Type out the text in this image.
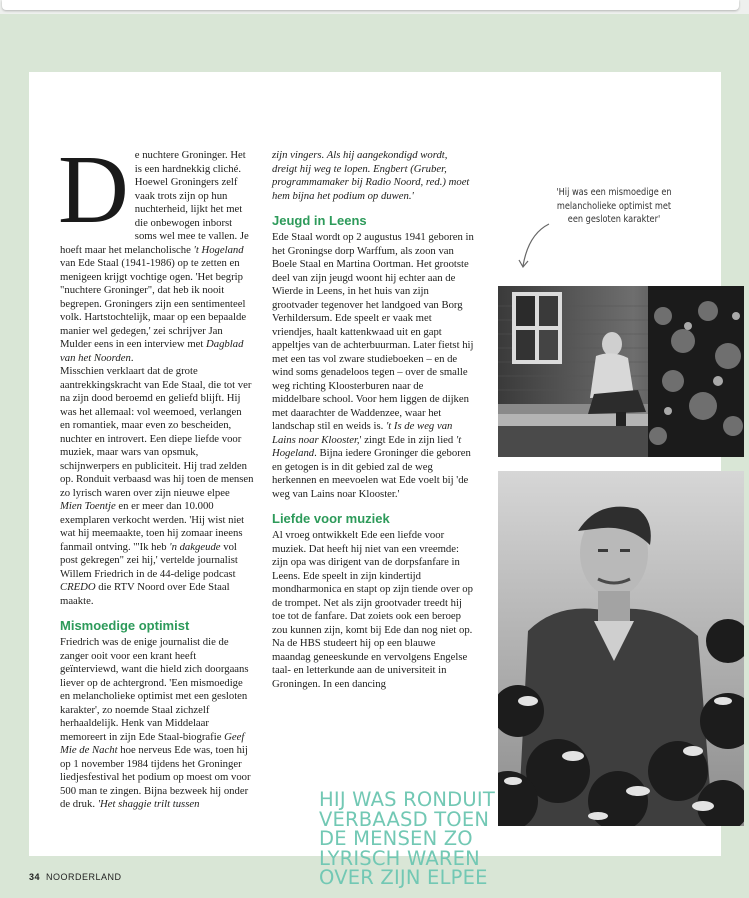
De nuchtere Groninger. Het is een hardnekkig cliché. Hoewel Groningers zelf vaak trots zijn op hun nuchterheid, lijkt het met die onbewogen inborst soms wel mee te vallen. Je hoeft maar het melancholische 't Hogeland van Ede Staal (1941-1986) op te zetten en menigeen krijgt vochtige ogen. 'Het begrip "nuchtere Groninger", dat heb ik nooit begrepen. Groningers zijn een sentimenteel volk. Hartstochtelijk, maar op een bepaalde manier wel gedegen,' zei schrijver Jan Mulder eens in een interview met Dagblad van het Noorden.

Misschien verklaart dat de grote aantrekkingskracht van Ede Staal, die tot ver na zijn dood beroemd en geliefd blijft. Hij was het allemaal: vol weemoed, verlangen en romantiek, maar even zo bescheiden, nuchter en introvert. Een diepe liefde voor muziek, maar wars van opsmuk, schijnwerpers en publiciteit. Hij trad zelden op. Ronduit verbaasd was hij toen de mensen zo lyrisch waren over zijn nieuwe elpee Mien Toentje en er meer dan 10.000 exemplaren verkocht werden. 'Hij wist niet wat hij meemaakte, toen hij zomaar ineens fanmail ontving. '"Ik heb 'n dakgeude vol post gekregen" zei hij,' vertelde journalist Willem Friedrich in de 44-delige podcast CREDO die RTV Noord over Ede Staal maakte.

Mismoedige optimist

Friedrich was de enige journalist die de zanger ooit voor een krant heeft geïnterviewd, want die hield zich doorgaans liever op de achtergrond. 'Een mismoedige en melancholieke optimist met een gesloten karakter', zo noemde Staal zichzelf herhaaldelijk. Henk van Middelaar memoreert in zijn Ede Staal-biografie Geef Mie de Nacht hoe nerveus Ede was, toen hij op 1 november 1984 tijdens het Groninger liedjesfestival het podium op moest om voor 500 man te zingen. Bijna bezweek hij onder de druk. 'Het shaggie trilt tussen

zijn vingers. Als hij aangekondigd wordt, dreigt hij weg te lopen. Engbert (Gruber, programmamaker bij Radio Noord, red.) moet hem bijna het podium op duwen.'

Jeugd in Leens

Ede Staal wordt op 2 augustus 1941 geboren in het Groningse dorp Warffum, als zoon van Boele Staal en Martina Oortman. Het grootste deel van zijn jeugd woont hij echter aan de Wierde in Leens, in het huis van zijn grootvader tegenover het landgoed van Borg Verhildersum. Ede speelt er vaak met vriendjes, haalt kattenkwaad uit en gapt appeltjes van de achterbuurman. Later fietst hij met een tas vol zware studieboeken – en de wind soms genadeloos tegen – over de smalle weg richting Kloosterburen naar de middelbare school. Voor hem liggen de dijken met daarachter de Waddenzee, waar het landschap stil en weids is. 't Is de weg van Lains noar Klooster,' zingt Ede in zijn lied 't Hogeland. Bijna iedere Groninger die geboren en getogen is in dit gebied zal de weg herkennen en meevoelen wat Ede voelt bij 'de weg van Lains noar Klooster.'

Liefde voor muziek

Al vroeg ontwikkelt Ede een liefde voor muziek. Dat heeft hij niet van een vreemde: zijn opa was dirigent van de dorpsfanfare in Leens. Ede speelt in zijn kindertijd mondharmonica en stapt op zijn tiende over op de trompet. Net als zijn grootvader treedt hij toe tot de fanfare. Dat zoiets ook een beroep zou kunnen zijn, komt bij Ede dan nog niet op. Na de HBS studeert hij op een blauwe maandag geneeskunde en vervolgens Engelse taal- en letterkunde aan de universiteit in Groningen. In een dancing

'Hij was een mismoedige en melancholieke optimist met een gesloten karakter'
HIJ WAS RONDUIT VERBAASD TOEN DE MENSEN ZO LYRISCH WAREN OVER ZIJN ELPEE
34 NOORDERLAND
